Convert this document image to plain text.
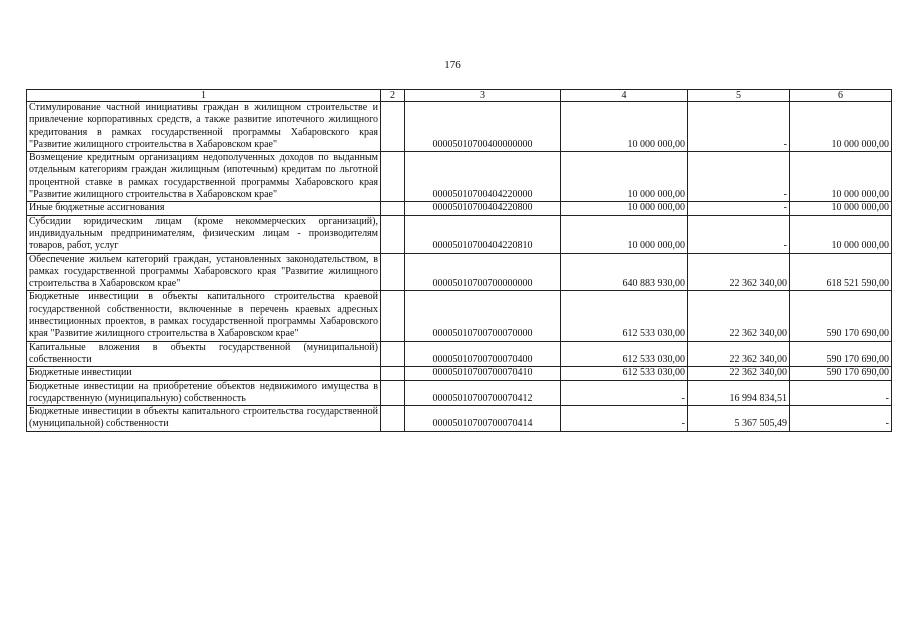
176
1	2	3	4	5	6
Стимулирование частной инициативы граждан в жилищном строительстве и привлечение корпоративных средств, а также развитие ипотечного жилищного кредитования в рамках государственной программы Хабаровского края "Развитие жилищного строительства в Хабаровском крае"		00005010700400000000	10 000 000,00	-	10 000 000,00
Возмещение кредитным организациям недополученных доходов по выданным отдельным категориям граждан жилищным (ипотечным) кредитам по льготной процентной ставке в рамках государственной программы Хабаровского края "Развитие жилищного строительства в Хабаровском крае"		00005010700404220000	10 000 000,00	-	10 000 000,00
Иные бюджетные ассигнования		00005010700404220800	10 000 000,00	-	10 000 000,00
Субсидии юридическим лицам (кроме некоммерческих организаций), индивидуальным предпринимателям, физическим лицам - производителям товаров, работ, услуг		00005010700404220810	10 000 000,00	-	10 000 000,00
Обеспечение жильем категорий граждан, установленных законодательством, в рамках государственной программы Хабаровского края "Развитие жилищного строительства в Хабаровском крае"		00005010700700000000	640 883 930,00	22 362 340,00	618 521 590,00
Бюджетные инвестиции в объекты капитального строительства краевой государственной собственности, включенные в перечень краевых адресных инвестиционных проектов, в рамках государственной программы Хабаровского края "Развитие жилищного строительства в Хабаровском крае"		00005010700700070000	612 533 030,00	22 362 340,00	590 170 690,00
Капитальные вложения в объекты государственной (муниципальной) собственности		00005010700700070400	612 533 030,00	22 362 340,00	590 170 690,00
Бюджетные инвестиции		00005010700700070410	612 533 030,00	22 362 340,00	590 170 690,00
Бюджетные инвестиции на приобретение объектов недвижимого имущества в государственную (муниципальную) собственность		00005010700700070412	-	16 994 834,51	-
Бюджетные инвестиции в объекты капитального строительства государственной (муниципальной) собственности		00005010700700070414	-	5 367 505,49	-
